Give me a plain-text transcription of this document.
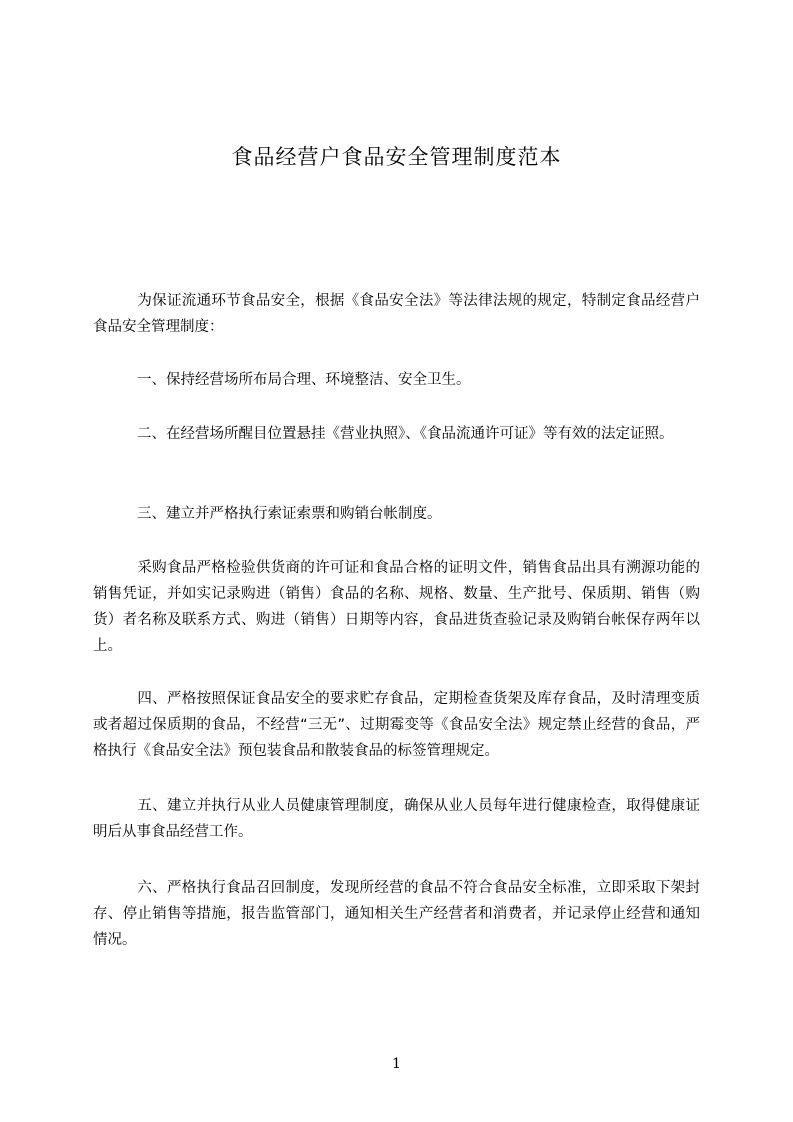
食品经营户食品安全管理制度范本

为保证流通环节食品安全，根据《食品安全法》等法律法规的规定，特制定食品经营户食品安全管理制度：

一、保持经营场所布局合理、环境整洁、安全卫生。

二、在经营场所醒目位置悬挂《营业执照》、《食品流通许可证》等有效的法定证照。

三、建立并严格执行索证索票和购销台帐制度。

采购食品严格检验供货商的许可证和食品合格的证明文件，销售食品出具有溯源功能的销售凭证，并如实记录购进（销售）食品的名称、规格、数量、生产批号、保质期、销售（购货）者名称及联系方式、购进（销售）日期等内容，食品进货查验记录及购销台帐保存两年以上。

四、严格按照保证食品安全的要求贮存食品，定期检查货架及库存食品，及时清理变质或者超过保质期的食品，不经营“三无”、过期霉变等《食品安全法》规定禁止经营的食品，严格执行《食品安全法》预包装食品和散装食品的标签管理规定。

五、建立并执行从业人员健康管理制度，确保从业人员每年进行健康检查，取得健康证明后从事食品经营工作。

六、严格执行食品召回制度，发现所经营的食品不符合食品安全标准，立即采取下架封存、停止销售等措施，报告监管部门，通知相关生产经营者和消费者，并记录停止经营和通知情况。

1
